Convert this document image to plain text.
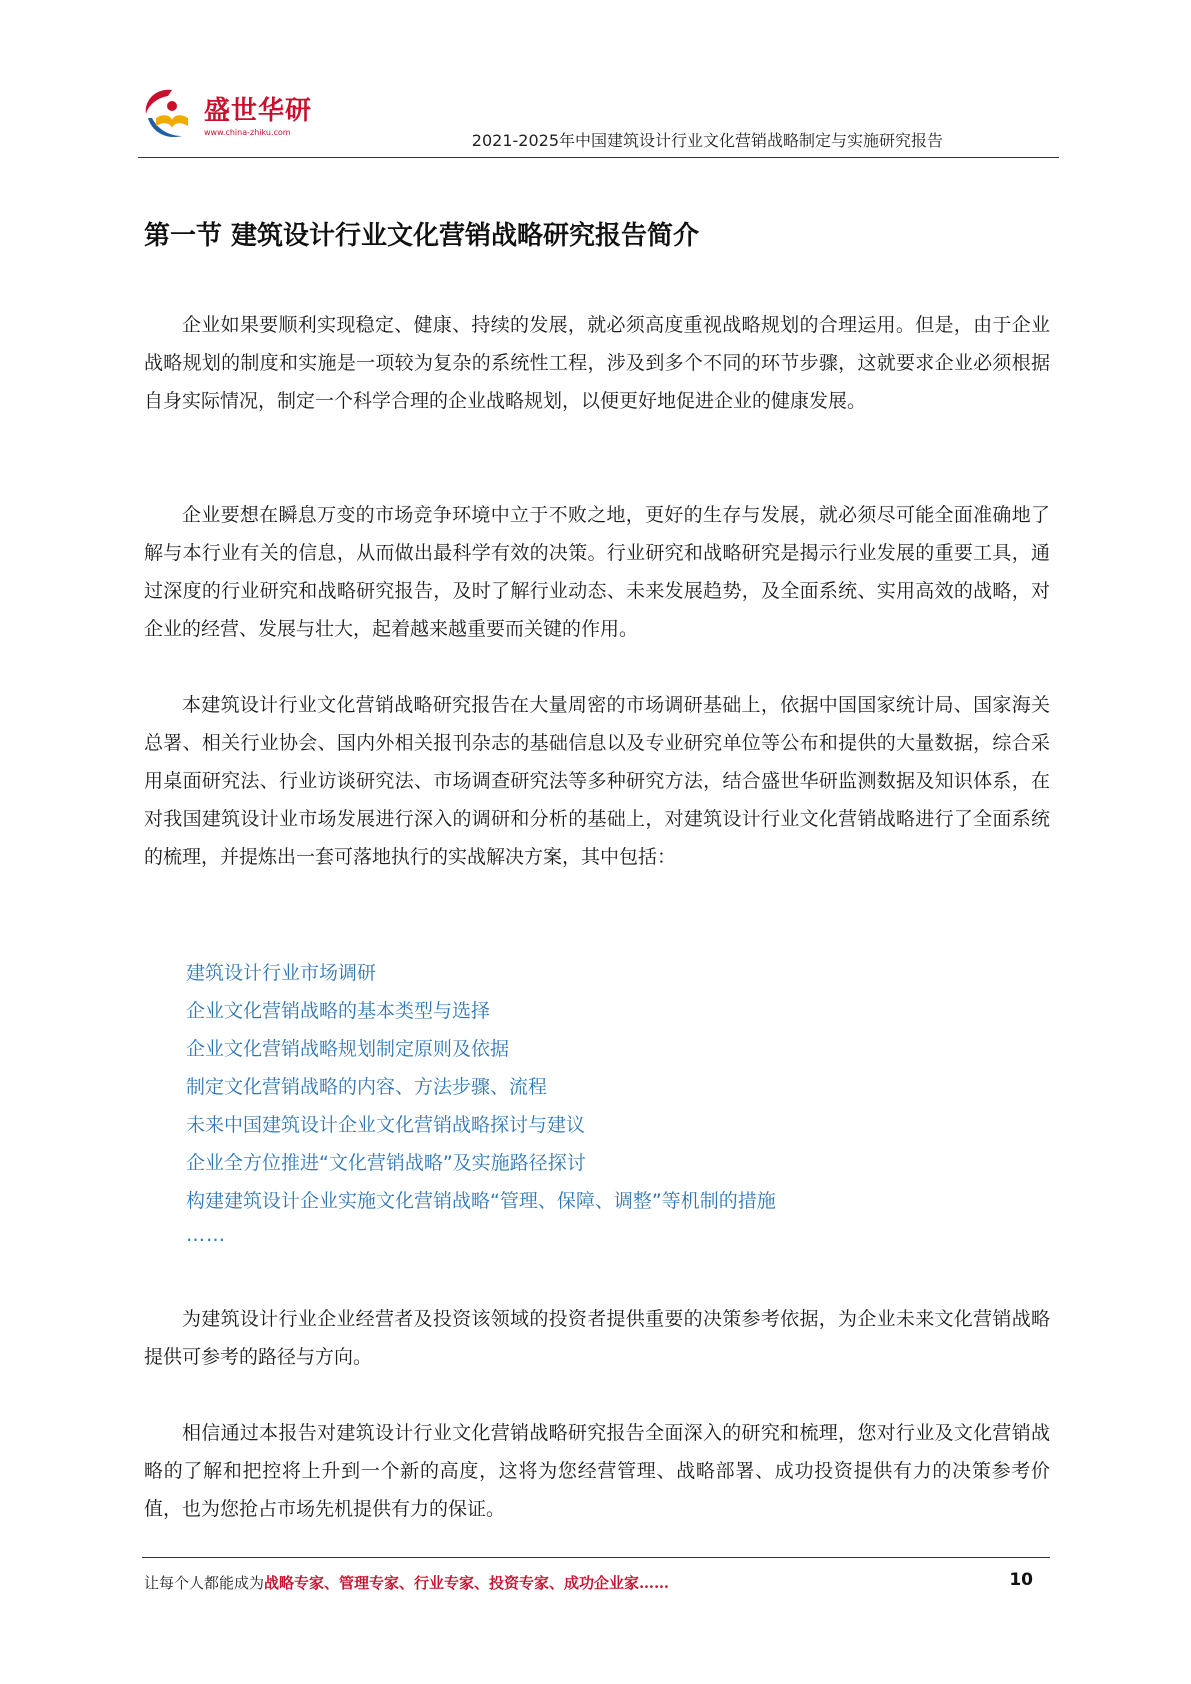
盛世华研
www.china-zhiku.com	2021-2025年中国建筑设计行业文化营销战略制定与实施研究报告
第一节 建筑设计行业文化营销战略研究报告简介

企业如果要顺利实现稳定、健康、持续的发展，就必须高度重视战略规划的合理运用。但是，由于企业战略规划的制度和实施是一项较为复杂的系统性工程，涉及到多个不同的环节步骤，这就要求企业必须根据自身实际情况，制定一个科学合理的企业战略规划，以便更好地促进企业的健康发展。

企业要想在瞬息万变的市场竞争环境中立于不败之地，更好的生存与发展，就必须尽可能全面准确地了解与本行业有关的信息，从而做出最科学有效的决策。行业研究和战略研究是揭示行业发展的重要工具，通过深度的行业研究和战略研究报告，及时了解行业动态、未来发展趋势，及全面系统、实用高效的战略，对企业的经营、发展与壮大，起着越来越重要而关键的作用。

本建筑设计行业文化营销战略研究报告在大量周密的市场调研基础上，依据中国国家统计局、国家海关总署、相关行业协会、国内外相关报刊杂志的基础信息以及专业研究单位等公布和提供的大量数据，综合采用桌面研究法、行业访谈研究法、市场调查研究法等多种研究方法，结合盛世华研监测数据及知识体系，在对我国建筑设计业市场发展进行深入的调研和分析的基础上，对建筑设计行业文化营销战略进行了全面系统的梳理，并提炼出一套可落地执行的实战解决方案，其中包括：

建筑设计行业市场调研
企业文化营销战略的基本类型与选择
企业文化营销战略规划制定原则及依据
制定文化营销战略的内容、方法步骤、流程
未来中国建筑设计企业文化营销战略探讨与建议
企业全方位推进“文化营销战略”及实施路径探讨
构建建筑设计企业实施文化营销战略“管理、保障、调整”等机制的措施
……

为建筑设计行业企业经营者及投资该领域的投资者提供重要的决策参考依据，为企业未来文化营销战略提供可参考的路径与方向。

相信通过本报告对建筑设计行业文化营销战略研究报告全面深入的研究和梳理，您对行业及文化营销战略的了解和把控将上升到一个新的高度，这将为您经营管理、战略部署、成功投资提供有力的决策参考价值，也为您抢占市场先机提供有力的保证。

让每个人都能成为战略专家、管理专家、行业专家、投资专家、成功企业家……	10
